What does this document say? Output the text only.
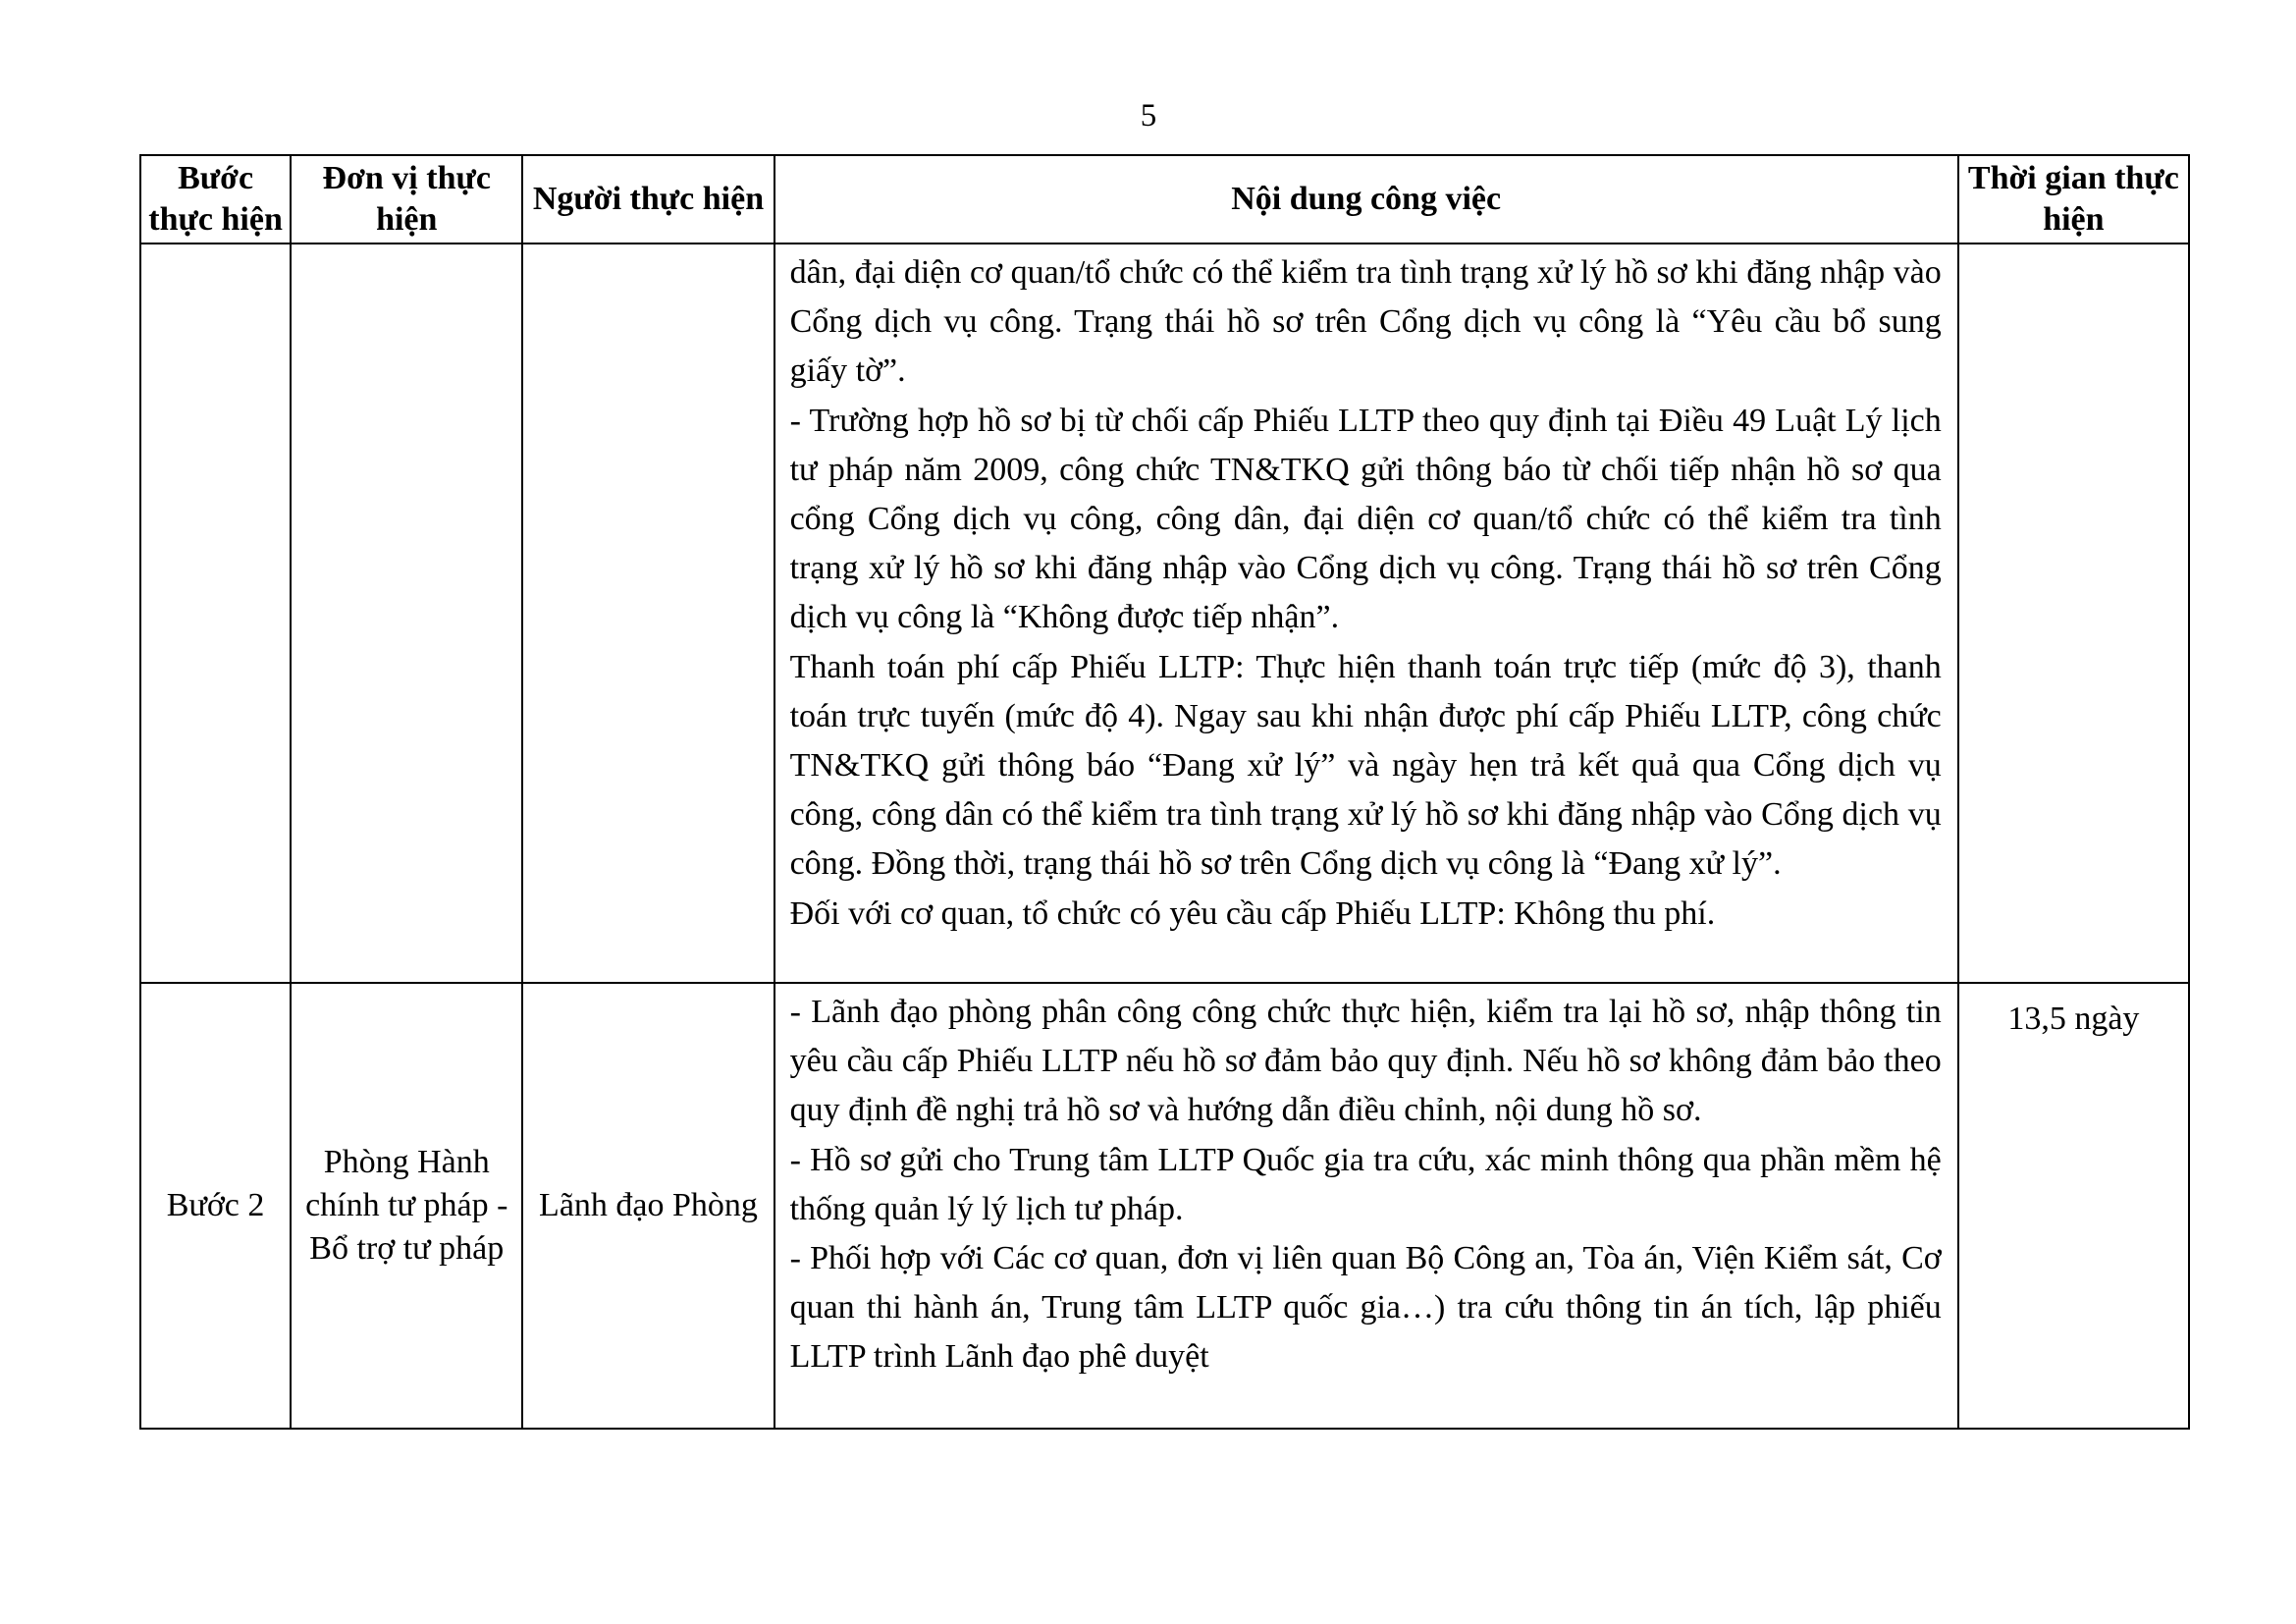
5
Bước thực hiện	Đơn vị thực hiện	Người thực hiện	Nội dung công việc	Thời gian thực hiện

			dân, đại diện cơ quan/tổ chức có thể kiểm tra tình trạng xử lý hồ sơ khi đăng nhập vào Cổng dịch vụ công. Trạng thái hồ sơ trên Cổng dịch vụ công là “Yêu cầu bổ sung giấy tờ”.

- Trường hợp hồ sơ bị từ chối cấp Phiếu LLTP theo quy định tại Điều 49 Luật Lý lịch tư pháp năm 2009, công chức TN&TKQ gửi thông báo từ chối tiếp nhận hồ sơ qua cổng Cổng dịch vụ công, công dân, đại diện cơ quan/tổ chức có thể kiểm tra tình trạng xử lý hồ sơ khi đăng nhập vào Cổng dịch vụ công. Trạng thái hồ sơ trên Cổng dịch vụ công là “Không được tiếp nhận”.

Thanh toán phí cấp Phiếu LLTP: Thực hiện thanh toán trực tiếp (mức độ 3), thanh toán trực tuyến (mức độ 4). Ngay sau khi nhận được phí cấp Phiếu LLTP, công chức TN&TKQ gửi thông báo “Đang xử lý” và ngày hẹn trả kết quả qua Cổng dịch vụ công, công dân có thể kiểm tra tình trạng xử lý hồ sơ khi đăng nhập vào Cổng dịch vụ công. Đồng thời, trạng thái hồ sơ trên Cổng dịch vụ công là “Đang xử lý”.

Đối với cơ quan, tổ chức có yêu cầu cấp Phiếu LLTP: Không thu phí.	

Bước 2	Phòng Hành chính tư pháp - Bổ trợ tư pháp	Lãnh đạo Phòng	- Lãnh đạo phòng phân công công chức thực hiện, kiểm tra lại hồ sơ, nhập thông tin yêu cầu cấp Phiếu LLTP nếu hồ sơ đảm bảo quy định. Nếu hồ sơ không đảm bảo theo quy định đề nghị trả hồ sơ và hướng dẫn điều chỉnh, nội dung hồ sơ.

- Hồ sơ gửi cho Trung tâm LLTP Quốc gia tra cứu, xác minh thông qua phần mềm hệ thống quản lý lý lịch tư pháp.

- Phối hợp với Các cơ quan, đơn vị liên quan Bộ Công an, Tòa án, Viện Kiểm sát, Cơ quan thi hành án, Trung tâm LLTP quốc gia…) tra cứu thông tin án tích, lập phiếu LLTP trình Lãnh đạo phê duyệt	13,5 ngày
